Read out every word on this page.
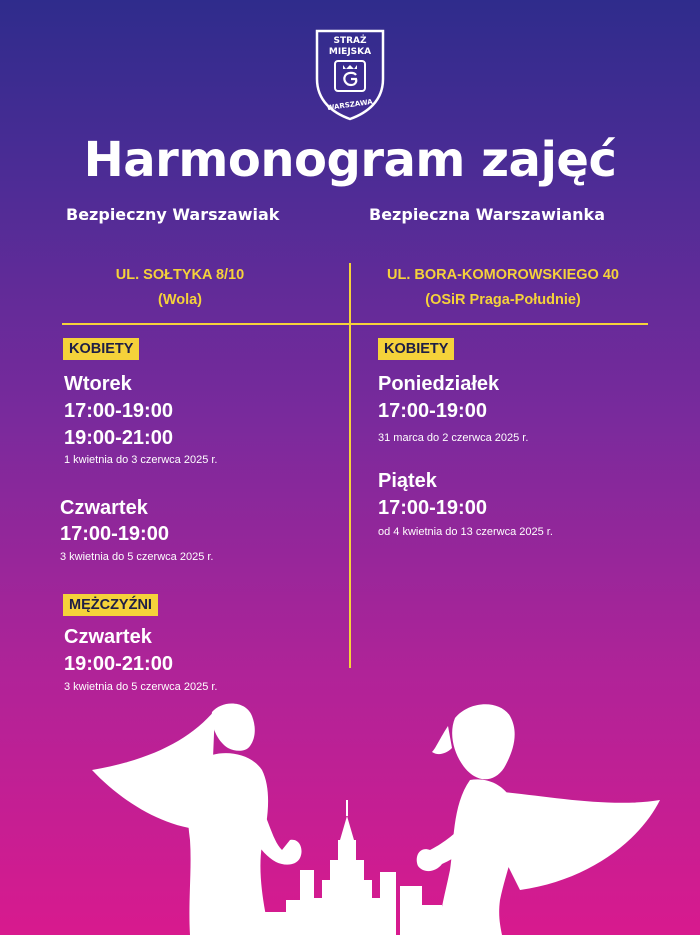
STRAŻ
MIEJSKA
WARSZAWA
Harmonogram zajęć
Bezpieczny Warszawiak	Bezpieczna Warszawianka
UL. SOŁTYKA 8/10
(Wola)
UL. BORA-KOMOROWSKIEGO 40
(OSiR Praga-Południe)
KOBIETY
Wtorek
17:00-19:00
19:00-21:00
1 kwietnia do 3 czerwca 2025 r.
Czwartek
17:00-19:00
3 kwietnia do 5 czerwca 2025 r.
MĘŻCZYŹNI
Czwartek
19:00-21:00
3 kwietnia do 5 czerwca 2025 r.
KOBIETY
Poniedziałek
17:00-19:00
31 marca do 2 czerwca 2025 r.
Piątek
17:00-19:00
od 4 kwietnia do 13 czerwca 2025 r.
